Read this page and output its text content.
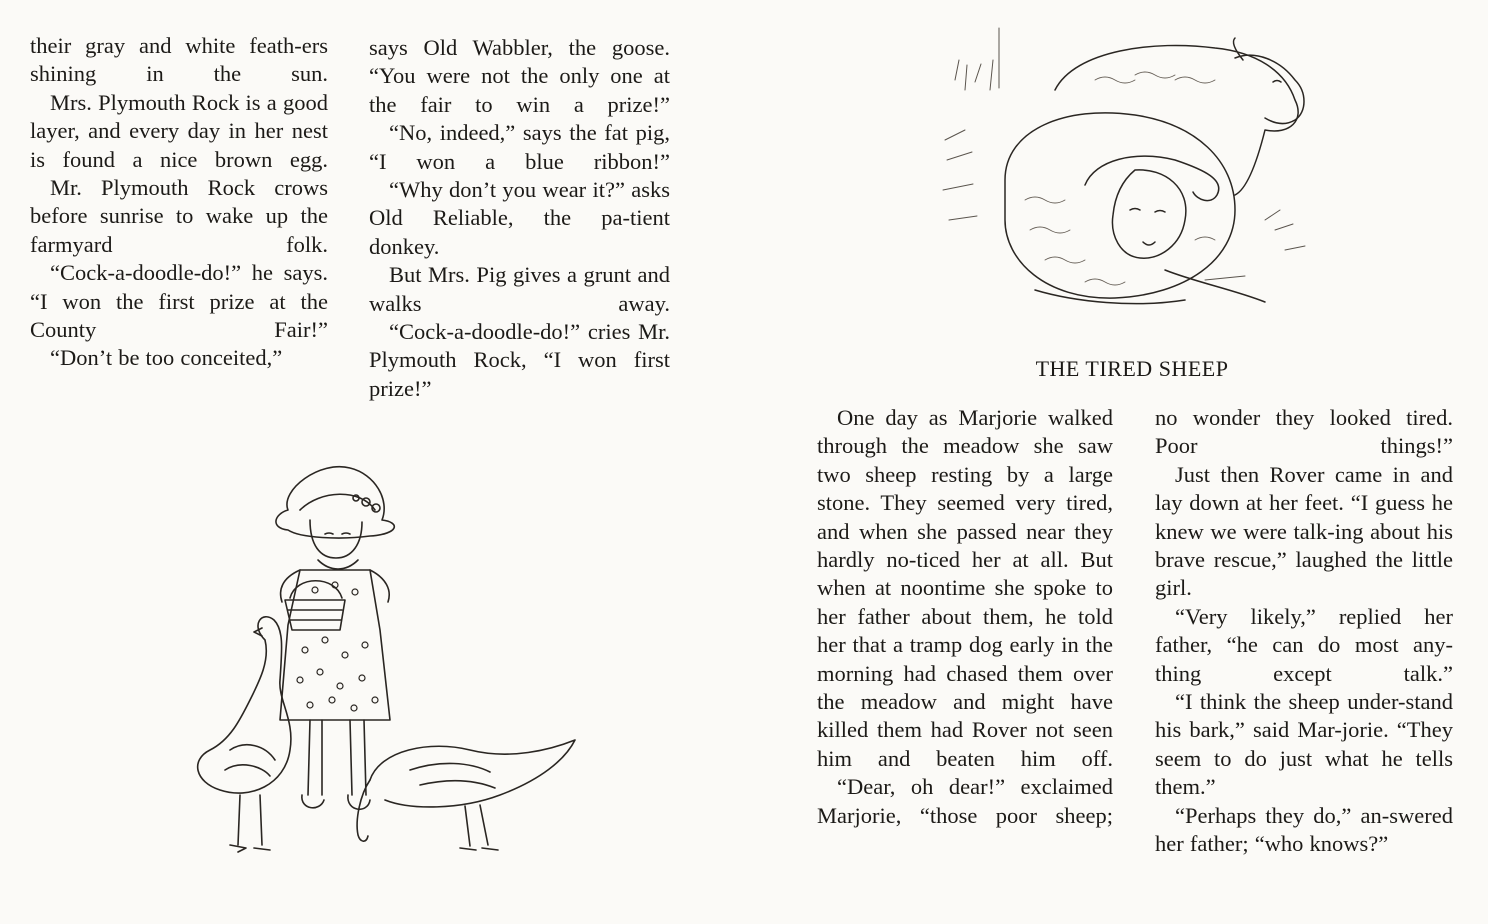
their gray and white feath-ers shining in the sun.

Mrs. Plymouth Rock is a good layer, and every day in her nest is found a nice brown egg.

Mr. Plymouth Rock crows before sunrise to wake up the farmyard folk.

“Cock-a-doodle-do!” he says. “I won the first prize at the County Fair!”

“Don’t be too conceited,”

says Old Wabbler, the goose. “You were not the only one at the fair to win a prize!”

“No, indeed,” says the fat pig, “I won a blue ribbon!”

“Why don’t you wear it?” asks Old Reliable, the pa-tient donkey.

But Mrs. Pig gives a grunt and walks away.

“Cock-a-doodle-do!” cries Mr. Plymouth Rock, “I won first prize!”

THE TIRED SHEEP

One day as Marjorie walked through the meadow she saw two sheep resting by a large stone. They seemed very tired, and when she passed near they hardly no-ticed her at all. But when at noontime she spoke to her father about them, he told her that a tramp dog early in the morning had chased them over the meadow and might have killed them had Rover not seen him and beaten him off.

“Dear, oh dear!” exclaimed Marjorie, “those poor sheep;

no wonder they looked tired. Poor things!”

Just then Rover came in and lay down at her feet. “I guess he knew we were talk-ing about his brave rescue,” laughed the little girl.

“Very likely,” replied her father, “he can do most any-thing except talk.”

“I think the sheep under-stand his bark,” said Mar-jorie. “They seem to do just what he tells them.”

“Perhaps they do,” an-swered her father; “who knows?”
